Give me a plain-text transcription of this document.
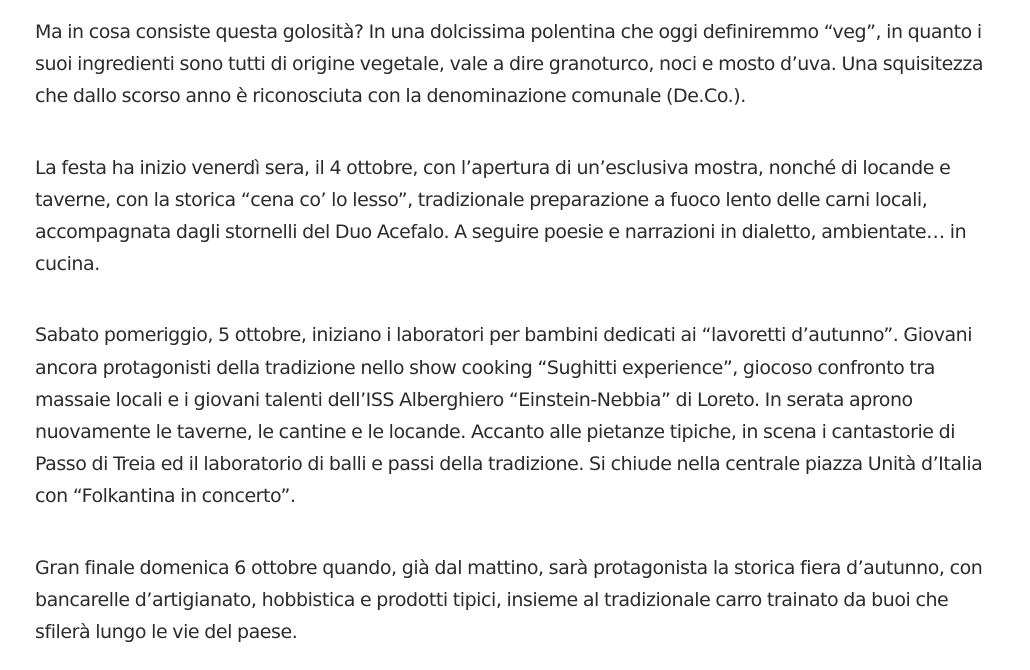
Ma in cosa consiste questa golosità? In una dolcissima polentina che oggi definiremmo “veg”, in quanto i suoi ingredienti sono tutti di origine vegetale, vale a dire granoturco, noci e mosto d’uva. Una squisitezza che dallo scorso anno è riconosciuta con la denominazione comunale (De.Co.).

La festa ha inizio venerdì sera, il 4 ottobre, con l’apertura di un’esclusiva mostra, nonché di locande e taverne, con la storica “cena co’ lo lesso”, tradizionale preparazione a fuoco lento delle carni locali, accompagnata dagli stornelli del Duo Acefalo. A seguire poesie e narrazioni in dialetto, ambientate… in cucina.

Sabato pomeriggio, 5 ottobre, iniziano i laboratori per bambini dedicati ai “lavoretti d’autunno”. Giovani ancora protagonisti della tradizione nello show cooking “Sughitti experience”, giocoso confronto tra massaie locali e i giovani talenti dell’ISS Alberghiero “Einstein-Nebbia” di Loreto. In serata aprono nuovamente le taverne, le cantine e le locande. Accanto alle pietanze tipiche, in scena i cantastorie di Passo di Treia ed il laboratorio di balli e passi della tradizione. Si chiude nella centrale piazza Unità d’Italia con “Folkantina in concerto”.

Gran finale domenica 6 ottobre quando, già dal mattino, sarà protagonista la storica fiera d’autunno, con bancarelle d’artigianato, hobbistica e prodotti tipici, insieme al tradizionale carro trainato da buoi che sfilerà lungo le vie del paese.
